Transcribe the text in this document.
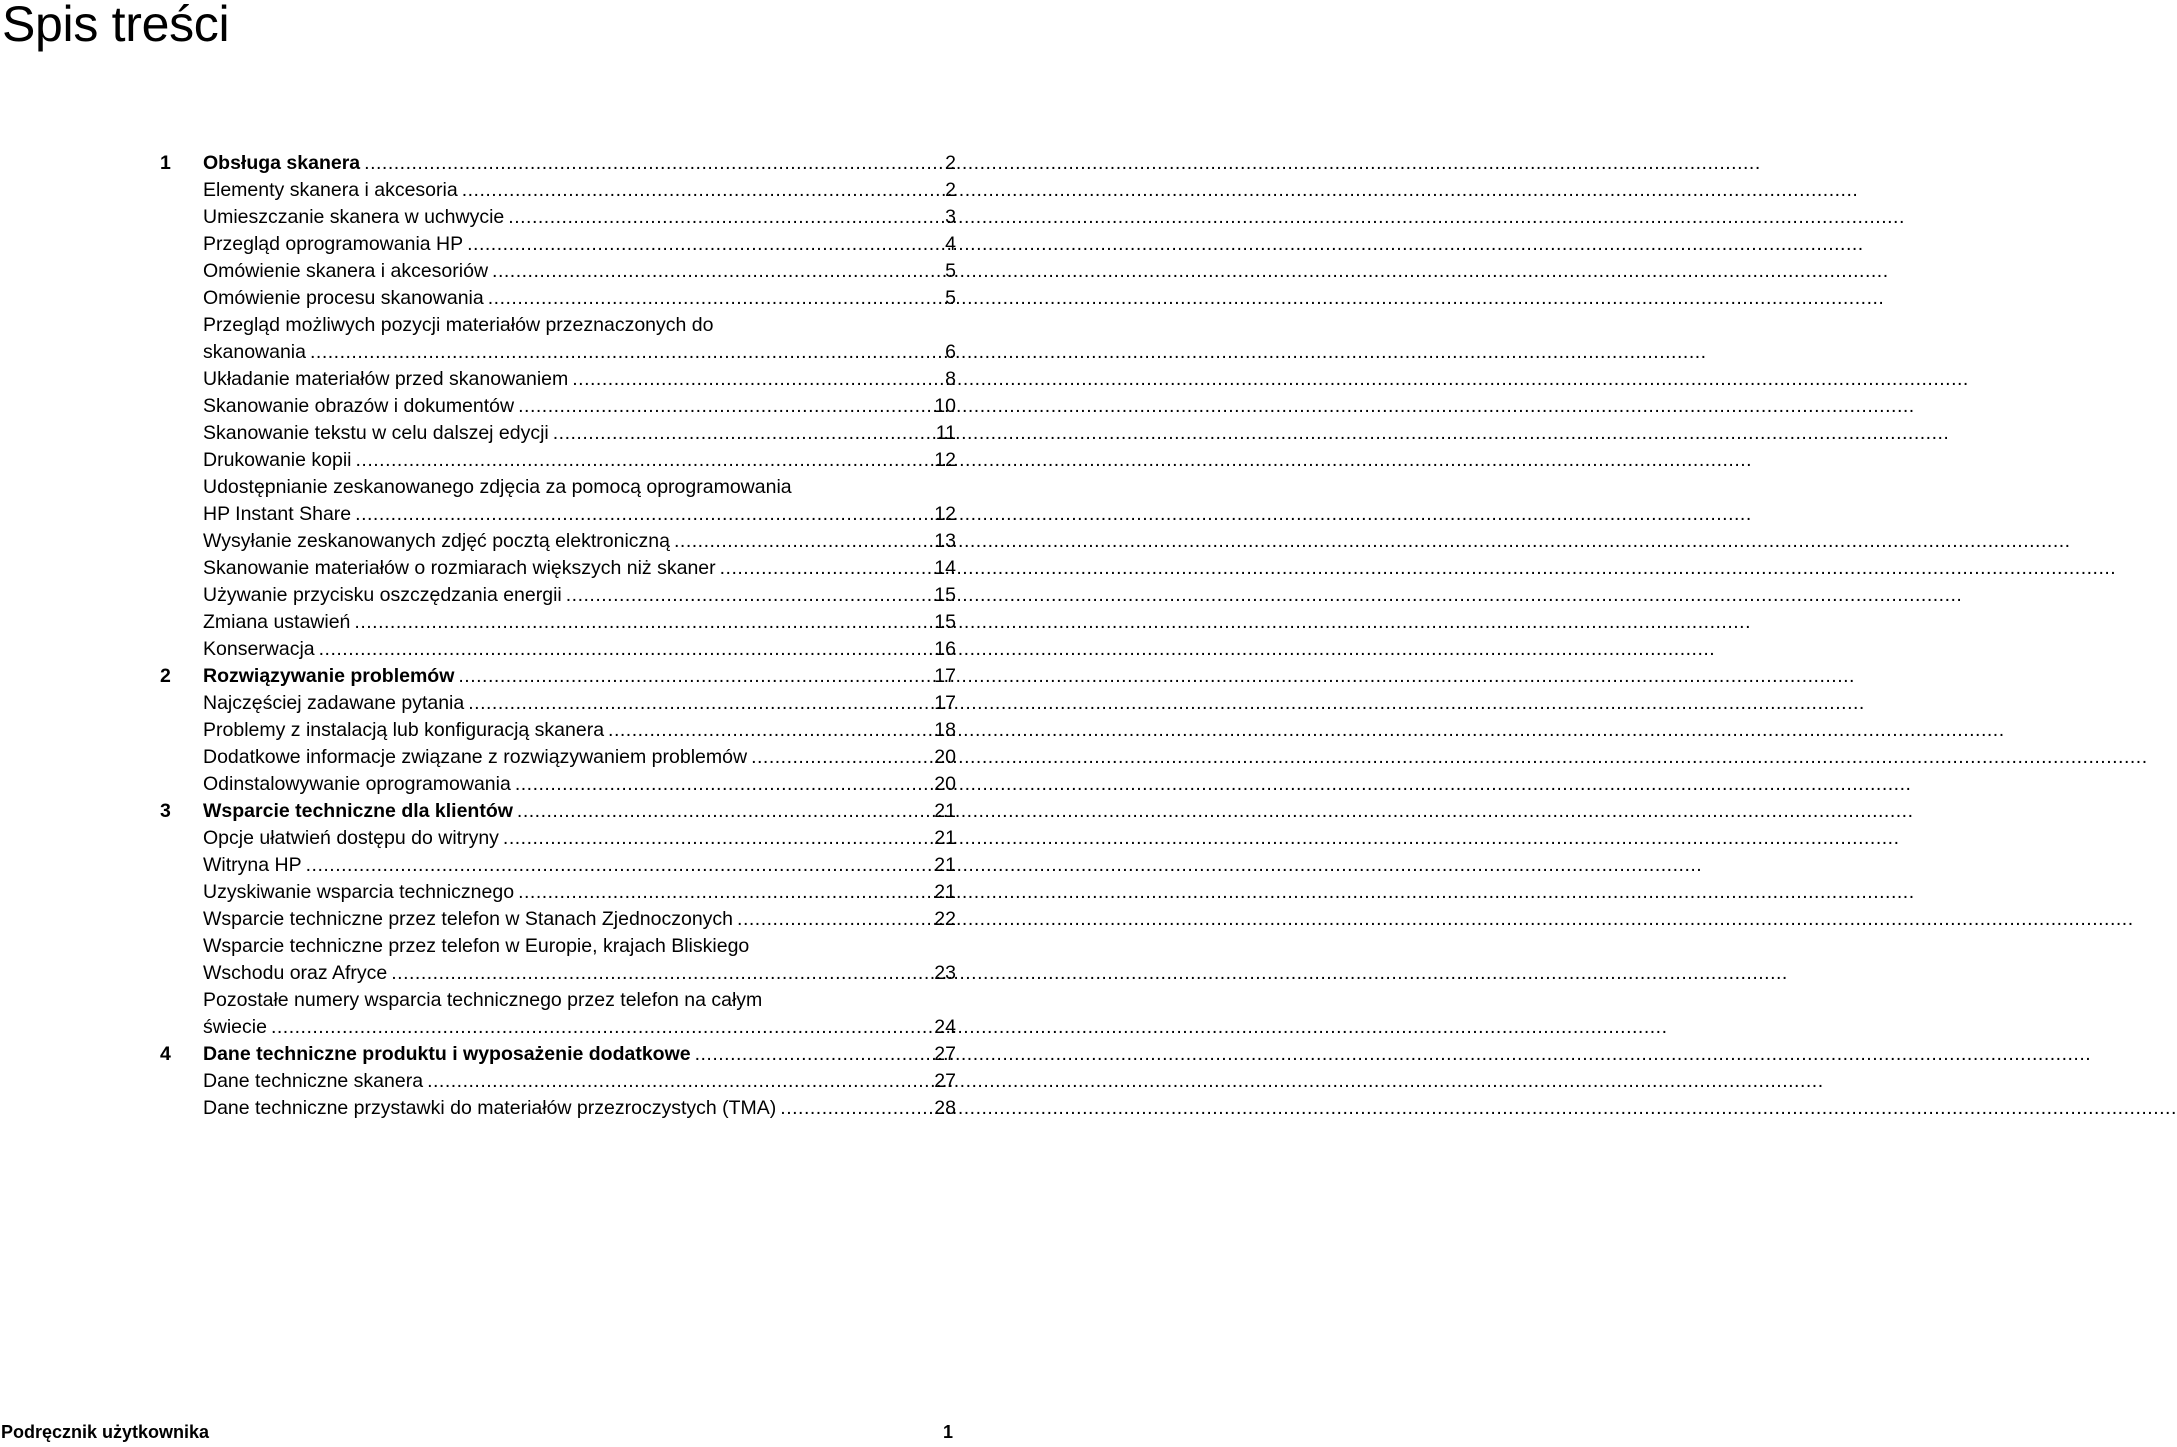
Spis treści
1	Obsługa skanera .....	2
Elementy skanera i akcesoria .....	2
Umieszczanie skanera w uchwycie .....	3
Przegląd oprogramowania HP .....	4
Omówienie skanera i akcesoriów .....	5
Omówienie procesu skanowania .....	5
Przegląd możliwych pozycji materiałów przeznaczonych do
skanowania .....	6
Układanie materiałów przed skanowaniem .....	8
Skanowanie obrazów i dokumentów .....	10
Skanowanie tekstu w celu dalszej edycji .....	11
Drukowanie kopii .....	12
Udostępnianie zeskanowanego zdjęcia za pomocą oprogramowania
HP Instant Share .....	12
Wysyłanie zeskanowanych zdjęć pocztą elektroniczną .....	13
Skanowanie materiałów o rozmiarach większych niż skaner .....	14
Używanie przycisku oszczędzania energii .....	15
Zmiana ustawień .....	15
Konserwacja .....	16
2	Rozwiązywanie problemów .....	17
Najczęściej zadawane pytania .....	17
Problemy z instalacją lub konfiguracją skanera .....	18
Dodatkowe informacje związane z rozwiązywaniem problemów .....	20
Odinstalowywanie oprogramowania .....	20
3	Wsparcie techniczne dla klientów .....	21
Opcje ułatwień dostępu do witryny .....	21
Witryna HP .....	21
Uzyskiwanie wsparcia technicznego .....	21
Wsparcie techniczne przez telefon w Stanach Zjednoczonych .....	22
Wsparcie techniczne przez telefon w Europie, krajach Bliskiego
Wschodu oraz Afryce .....	23
Pozostałe numery wsparcia technicznego przez telefon na całym
świecie .....	24
4	Dane techniczne produktu i wyposażenie dodatkowe .....	27
Dane techniczne skanera .....	27
Dane techniczne przystawki do materiałów przezroczystych (TMA) .....	28
Podręcznik użytkownika	1
